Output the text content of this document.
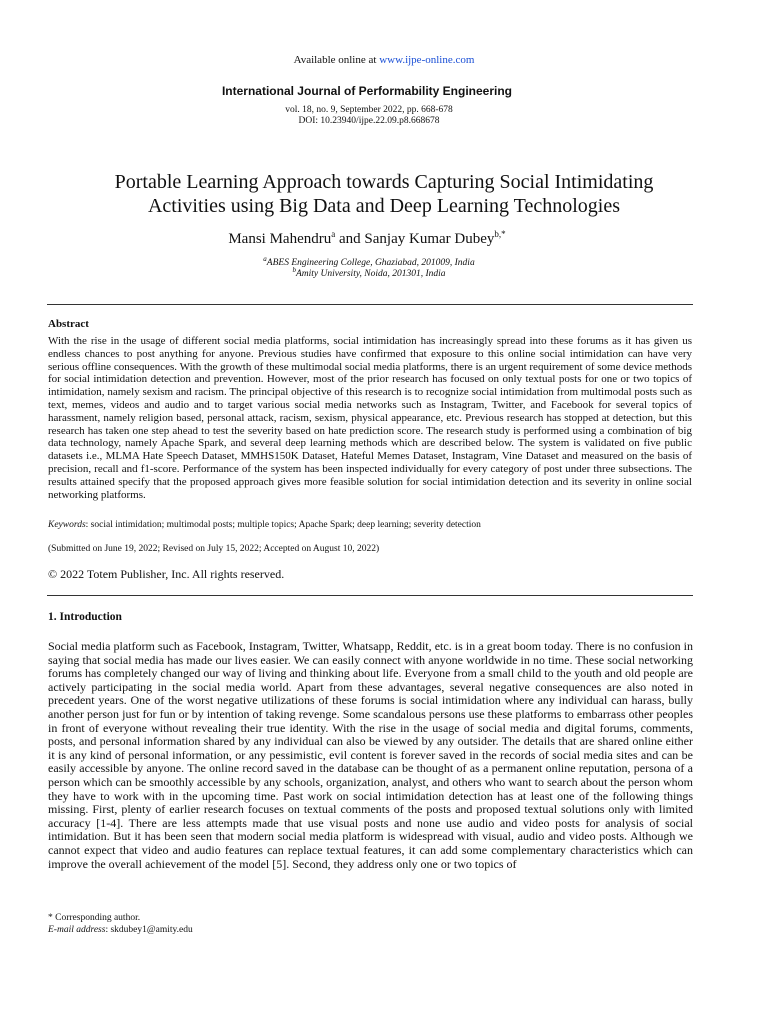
Available online at www.ijpe-online.com
International Journal of Performability Engineering
vol. 18, no. 9, September 2022, pp. 668-678
DOI: 10.23940/ijpe.22.09.p8.668678
Portable Learning Approach towards Capturing Social Intimidating
Activities using Big Data and Deep Learning Technologies
Mansi Mahendru$^a$ and Sanjay Kumar Dubey$^{b,*}$
$^a$ABES Engineering College, Ghaziabad, 201009, India
$^b$Amity University, Noida, 201301, India
Abstract
With the rise in the usage of different social media platforms, social intimidation has increasingly spread into these forums as it has given us endless chances to post anything for anyone. Previous studies have confirmed that exposure to this online social intimidation can have very serious offline consequences. With the growth of these multimodal social media platforms, there is an urgent requirement of some device methods for social intimidation detection and prevention. However, most of the prior research has focused on only textual posts for one or two topics of intimidation, namely sexism and racism. The principal objective of this research is to recognize social intimidation from multimodal posts such as text, memes, videos and audio and to target various social media networks such as Instagram, Twitter, and Facebook for several topics of harassment, namely religion based, personal attack, racism, sexism, physical appearance, etc. Previous research has stopped at detection, but this research has taken one step ahead to test the severity based on hate prediction score. The research study is performed using a combination of big data technology, namely Apache Spark, and several deep learning methods which are described below. The system is validated on five public datasets i.e., MLMA Hate Speech Dataset, MMHS150K Dataset, Hateful Memes Dataset, Instagram, Vine Dataset and measured on the basis of precision, recall and f1-score. Performance of the system has been inspected individually for every category of post under three subsections. The results attained specify that the proposed approach gives more feasible solution for social intimidation detection and its severity in online social networking platforms.
Keywords: social intimidation; multimodal posts; multiple topics; Apache Spark; deep learning; severity detection
(Submitted on June 19, 2022; Revised on July 15, 2022; Accepted on August 10, 2022)
© 2022 Totem Publisher, Inc. All rights reserved.
1. Introduction
Social media platform such as Facebook, Instagram, Twitter, Whatsapp, Reddit, etc. is in a great boom today. There is no confusion in saying that social media has made our lives easier. We can easily connect with anyone worldwide in no time. These social networking forums has completely changed our way of living and thinking about life. Everyone from a small child to the youth and old people are actively participating in the social media world. Apart from these advantages, several negative consequences are also noted in precedent years. One of the worst negative utilizations of these forums is social intimidation where any individual can harass, bully another person just for fun or by intention of taking revenge. Some scandalous persons use these platforms to embarrass other peoples in front of everyone without revealing their true identity. With the rise in the usage of social media and digital forums, comments, posts, and personal information shared by any individual can also be viewed by any outsider. The details that are shared online either it is any kind of personal information, or any pessimistic, evil content is forever saved in the records of social media sites and can be easily accessible by anyone. The online record saved in the database can be thought of as a permanent online reputation, persona of a person which can be smoothly accessible by any schools, organization, analyst, and others who want to search about the person whom they have to work with in the upcoming time. Past work on social intimidation detection has at least one of the following things missing. First, plenty of earlier research focuses on textual comments of the posts and proposed textual solutions only with limited accuracy [1-4]. There are less attempts made that use visual posts and none use audio and video posts for analysis of social intimidation. But it has been seen that modern social media platform is widespread with visual, audio and video posts. Although we cannot expect that video and audio features can replace textual features, it can add some complementary characteristics which can improve the overall achievement of the model [5]. Second, they address only one or two topics of
* Corresponding author.
E-mail address: skdubey1@amity.edu
